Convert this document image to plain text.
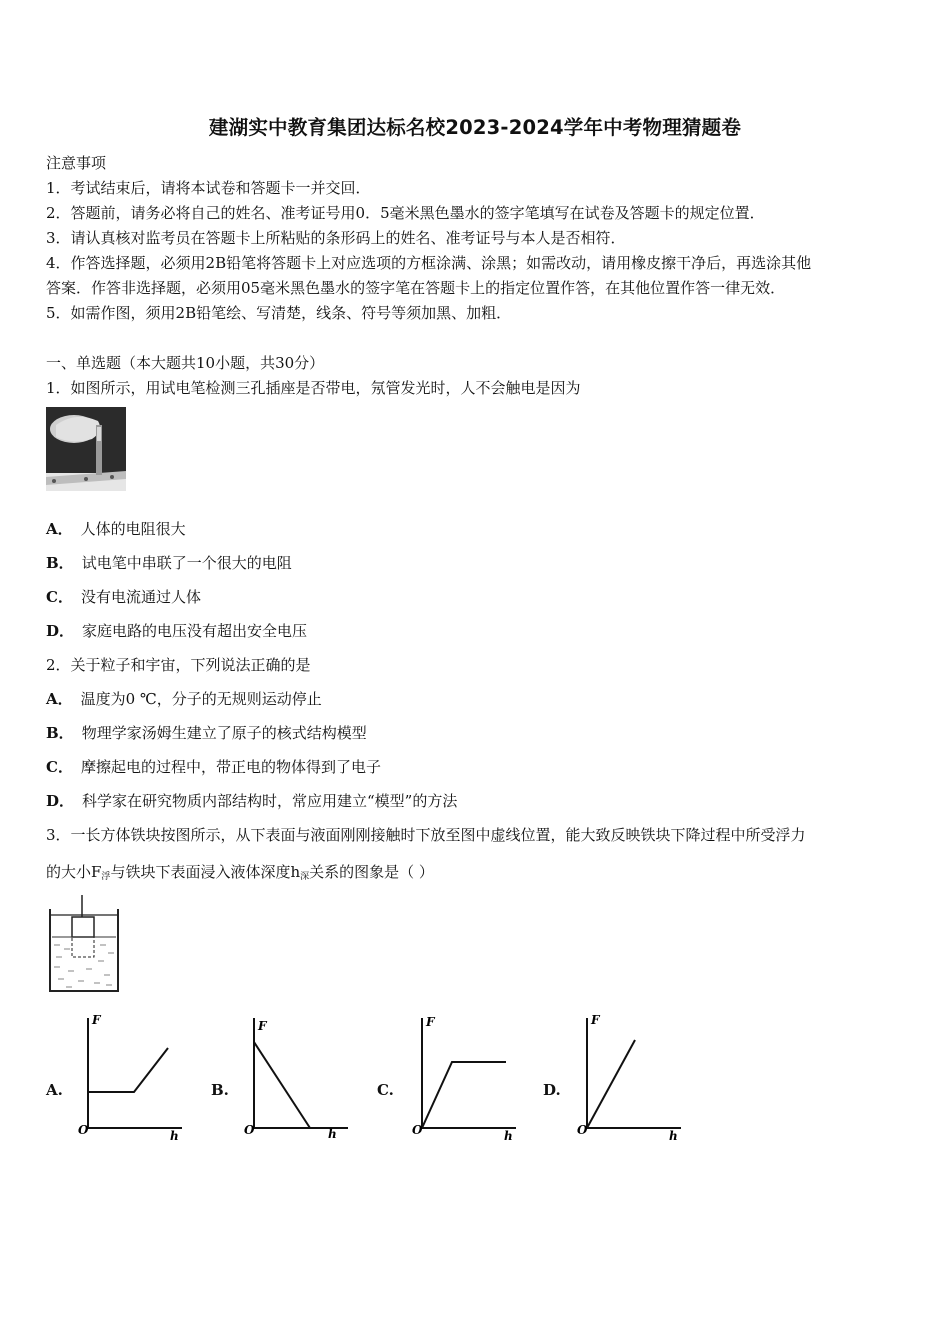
建湖实中教育集团达标名校2023-2024学年中考物理猜题卷
注意事项
1．考试结束后，请将本试卷和答题卡一并交回．
2．答题前，请务必将自己的姓名、准考证号用0．5毫米黑色墨水的签字笔填写在试卷及答题卡的规定位置．
3．请认真核对监考员在答题卡上所粘贴的条形码上的姓名、准考证号与本人是否相符．
4．作答选择题，必须用2B铅笔将答题卡上对应选项的方框涂满、涂黑；如需改动，请用橡皮擦干净后，再选涂其他
答案．作答非选择题，必须用05毫米黑色墨水的签字笔在答题卡上的指定位置作答，在其他位置作答一律无效．
5．如需作图，须用2B铅笔绘、写清楚，线条、符号等须加黑、加粗．
一、单选题（本大题共10小题，共30分）
1．如图所示，用试电笔检测三孔插座是否带电，氖管发光时，人不会触电是因为
A． 人体的电阻很大
B． 试电笔中串联了一个很大的电阻
C． 没有电流通过人体
D． 家庭电路的电压没有超出安全电压
2．关于粒子和宇宙，下列说法正确的是
A． 温度为0 ℃，分子的无规则运动停止
B． 物理学家汤姆生建立了原子的核式结构模型
C． 摩擦起电的过程中，带正电的物体得到了电子
D． 科学家在研究物质内部结构时，常应用建立“模型”的方法
3．一长方体铁块按图所示，从下表面与液面刚刚接触时下放至图中虚线位置，能大致反映铁块下降过程中所受浮力
的大小$F_浮$与铁块下表面浸入液体深度$h_深$关系的图象是（ ）
A.
F
O	h
B.
F
O	h
C.
F
O	h
D.
F
O	h
